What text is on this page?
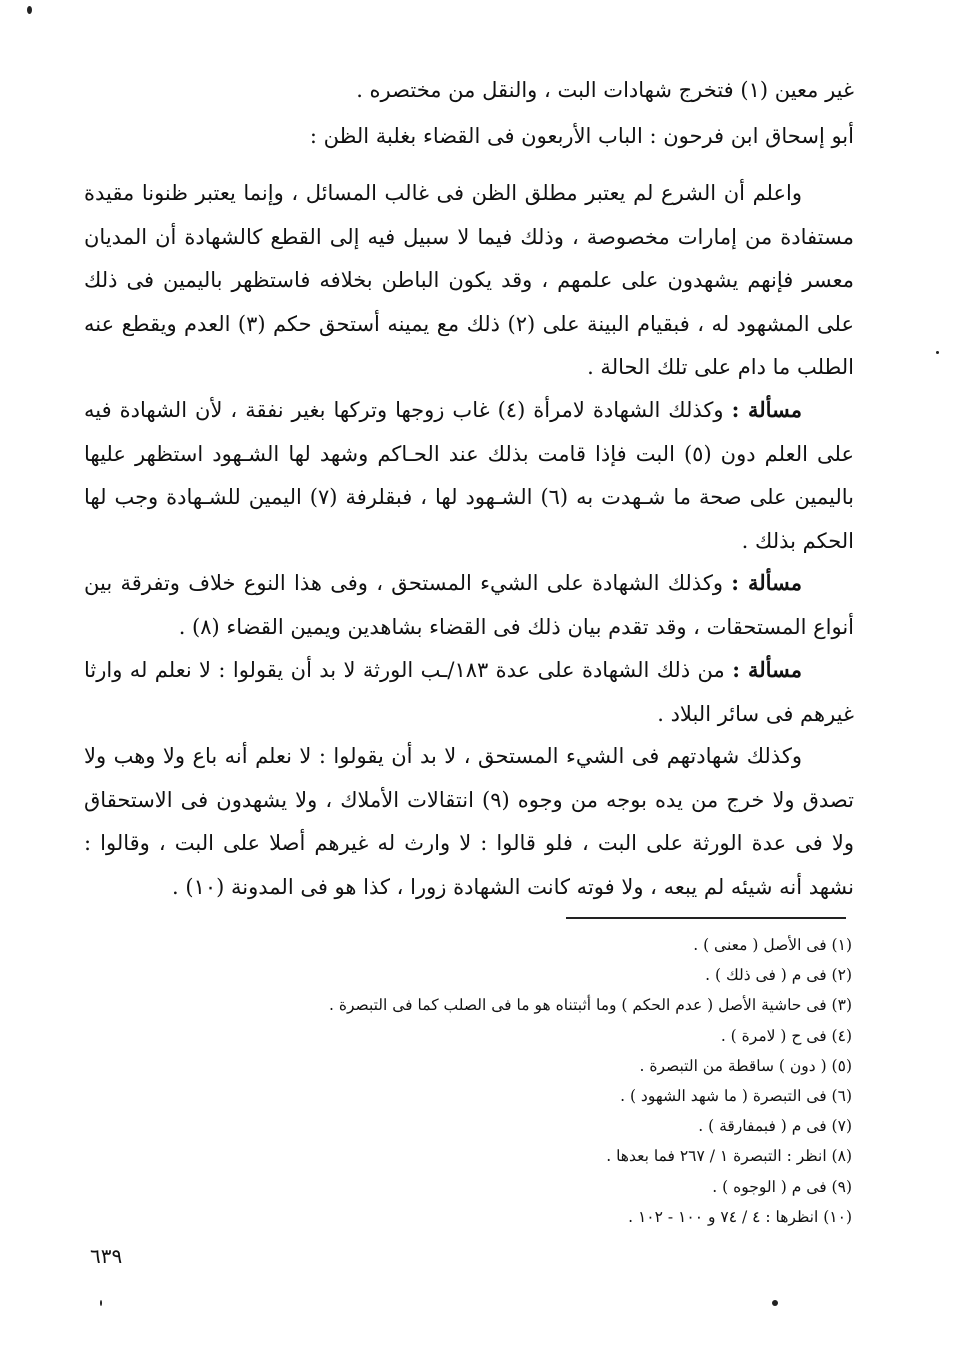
غير معين (١) فتخرج شهادات البت ، والنقل من مختصره .
أبو إسحاق ابن فرحون : الباب الأربعون فى القضاء بغلبة الظن :

واعلم أن الشرع لم يعتبر مطلق الظن فى غالب المسائل ، وإنما يعتبر ظنونا مقيدة مستفادة من إمارات مخصوصة ، وذلك فيما لا سبيل فيه إلى القطع كالشهادة أن المديان معسر فإنهم يشهدون على علمهم ، وقد يكون الباطن بخلافه فاستظهر باليمين فى ذلك على المشهود له ، فبقيام البينة على (٢) ذلك مع يمينه أستحق حكم (٣) العدم ويقطع عنه الطلب ما دام على تلك الحالة .

مسألة : وكذلك الشهادة لامرأة (٤) غاب زوجها وتركها بغير نفقة ، لأن الشهادة فيه على العلم دون (٥) البت فإذا قامت بذلك عند الحـاكم وشهد لها الشـهود استظهر عليها باليمين على صحة ما شـهدت به (٦) الشـهود لها ، فبقلرفة (٧) اليمين للشـهادة وجب لها الحكم بذلك .

مسألة : وكذلك الشهادة على الشيء المستحق ، وفى هذا النوع خلاف وتفرقة بين أنواع المستحقات ، وقد تقدم بيان ذلك فى القضاء بشاهدين ويمين القضاء (٨) .

مسألة : من ذلك الشهادة على عدة ١٨٣/ـب الورثة لا بد أن يقولوا : لا نعلم له وارثا غيرهم فى سائر البلاد .

وكذلك شهادتهم فى الشيء المستحق ، لا بد أن يقولوا : لا نعلم أنه باع ولا وهب ولا تصدق ولا خرج من يده بوجه من وجوه (٩) انتقالات الأملاك ، ولا يشهدون فى الاستحقاق ولا فى عدة الورثة على البت ، فلو قالوا : لا وارث له غيرهم أصلا على البت ، وقالوا : نشهد أنه شيئه لم يبعه ، ولا فوته كانت الشهادة زورا ، كذا هو فى المدونة (١٠) .

(١) فى الأصل ( معنى ) .
(٢) فى م ( فى ذلك ) .
(٣) فى حاشية الأصل ( عدم الحكم ) وما أثبتناه هو ما فى الصلب كما فى التبصرة .
(٤) فى ح ( لامرة ) .
(٥) ( دون ) ساقطة من التبصرة .
(٦) فى التبصرة ( ما شهد الشهود ) .
(٧) فى م ( فبمفارقة ) .
(٨) انظر : التبصرة ١ / ٢٦٧ فما بعدها .
(٩) فى م ( الوجوه ) .
(١٠) انظرها : ٤ / ٧٤ و ١٠٠ - ١٠٢ .
٦٣٩
